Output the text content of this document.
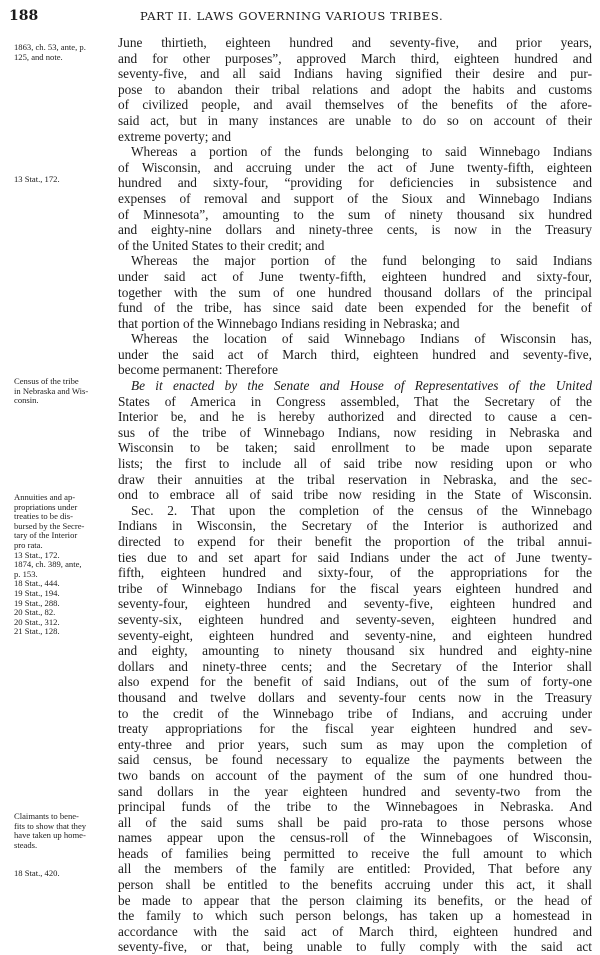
188	PART II. LAWS GOVERNING VARIOUS TRIBES.
1863, ch. 53, ante, p.
125, and note.
13 Stat., 172.
Census of the tribe
in Nebraska and Wis-
consin.
Annuities and ap-
propriations under
treaties to be dis-
bursed by the Secre-
tary of the Interior
pro rata.
13 Stat., 172.
1874, ch. 389, ante,
p. 153.
18 Stat., 444.
19 Stat., 194.
19 Stat., 288.
20 Stat., 82.
20 Stat., 312.
21 Stat., 128.
Claimants to bene-
fits to show that they
have taken up home-
steads.
18 Stat., 420.
June thirtieth, eighteen hundred and seventy-five, and prior years,
and for other purposes”, approved March third, eighteen hundred and
seventy-five, and all said Indians having signified their desire and pur-
pose to abandon their tribal relations and adopt the habits and customs
of civilized people, and avail themselves of the benefits of the afore-
said act, but in many instances are unable to do so on account of their
extreme poverty; and
Whereas a portion of the funds belonging to said Winnebago Indians
of Wisconsin, and accruing under the act of June twenty-fifth, eighteen
hundred and sixty-four, “providing for deficiencies in subsistence and
expenses of removal and support of the Sioux and Winnebago Indians
of Minnesota”, amounting to the sum of ninety thousand six hundred
and eighty-nine dollars and ninety-three cents, is now in the Treasury
of the United States to their credit; and
Whereas the major portion of the fund belonging to said Indians
under said act of June twenty-fifth, eighteen hundred and sixty-four,
together with the sum of one hundred thousand dollars of the principal
fund of the tribe, has since said date been expended for the benefit of
that portion of the Winnebago Indians residing in Nebraska; and
Whereas the location of said Winnebago Indians of Wisconsin has,
under the said act of March third, eighteen hundred and seventy-five,
become permanent: Therefore
Be it enacted by the Senate and House of Representatives of the United
States of America in Congress assembled, That the Secretary of the
Interior be, and he is hereby authorized and directed to cause a cen-
sus of the tribe of Winnebago Indians, now residing in Nebraska and
Wisconsin to be taken; said enrollment to be made upon separate
lists; the first to include all of said tribe now residing upon or who
draw their annuities at the tribal reservation in Nebraska, and the sec-
ond to embrace all of said tribe now residing in the State of Wisconsin.
Sec. 2. That upon the completion of the census of the Winnebago
Indians in Wisconsin, the Secretary of the Interior is authorized and
directed to expend for their benefit the proportion of the tribal annui-
ties due to and set apart for said Indians under the act of June twenty-
fifth, eighteen hundred and sixty-four, of the appropriations for the
tribe of Winnebago Indians for the fiscal years eighteen hundred and
seventy-four, eighteen hundred and seventy-five, eighteen hundred and
seventy-six, eighteen hundred and seventy-seven, eighteen hundred and
seventy-eight, eighteen hundred and seventy-nine, and eighteen hundred
and eighty, amounting to ninety thousand six hundred and eighty-nine
dollars and ninety-three cents; and the Secretary of the Interior shall
also expend for the benefit of said Indians, out of the sum of forty-one
thousand and twelve dollars and seventy-four cents now in the Treasury
to the credit of the Winnebago tribe of Indians, and accruing under
treaty appropriations for the fiscal year eighteen hundred and sev-
enty-three and prior years, such sum as may upon the completion of
said census, be found necessary to equalize the payments between the
two bands on account of the payment of the sum of one hundred thou-
sand dollars in the year eighteen hundred and seventy-two from the
principal funds of the tribe to the Winnebagoes in Nebraska. And
all of the said sums shall be paid pro-rata to those persons whose
names appear upon the census-roll of the Winnebagoes of Wisconsin,
heads of families being permitted to receive the full amount to which
all the members of the family are entitled: Provided, That before any
person shall be entitled to the benefits accruing under this act, it shall
be made to appear that the person claiming its benefits, or the head of
the family to which such person belongs, has taken up a homestead in
accordance with the said act of March third, eighteen hundred and
seventy-five, or that, being unable to fully comply with the said act
